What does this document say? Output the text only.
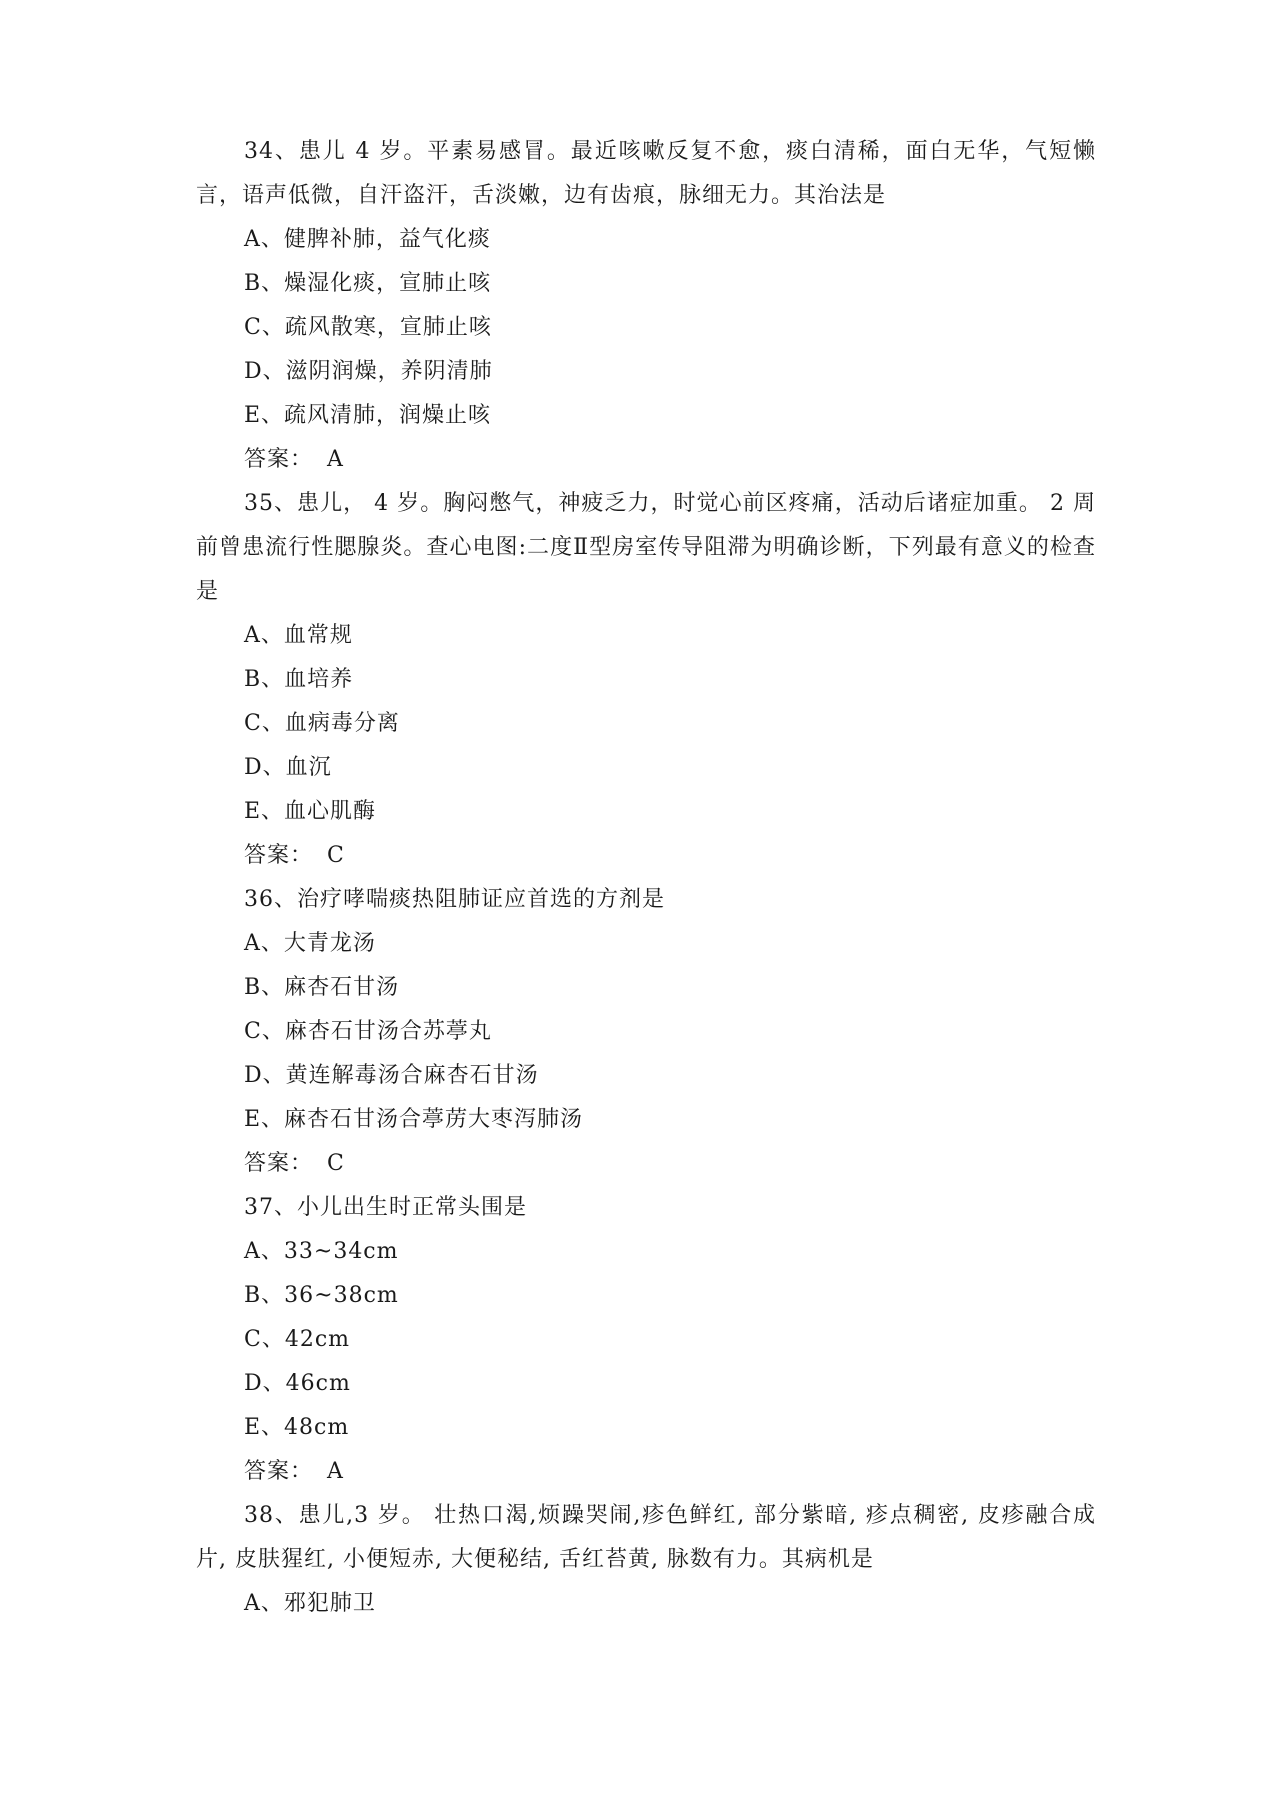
34、患儿 4 岁。平素易感冒。最近咳嗽反复不愈，痰白清稀，面白无华，气短懒言，语声低微，自汗盗汗，舌淡嫩，边有齿痕，脉细无力。其治法是

A、健脾补肺，益气化痰

B、燥湿化痰，宣肺止咳

C、疏风散寒，宣肺止咳

D、滋阴润燥，养阴清肺

E、疏风清肺，润燥止咳

答案： A

35、患儿， 4 岁。胸闷憋气，神疲乏力，时觉心前区疼痛，活动后诸症加重。 2 周前曾患流行性腮腺炎。查心电图:二度Ⅱ型房室传导阻滞为明确诊断，下列最有意义的检查是

A、血常规

B、血培养

C、血病毒分离

D、血沉

E、血心肌酶

答案： C

36、治疗哮喘痰热阻肺证应首选的方剂是

A、大青龙汤

B、麻杏石甘汤

C、麻杏石甘汤合苏葶丸

D、黄连解毒汤合麻杏石甘汤

E、麻杏石甘汤合葶苈大枣泻肺汤

答案： C

37、小儿出生时正常头围是

A、33~34cm

B、36~38cm

C、42cm

D、46cm

E、48cm

答案： A

38、患儿,3 岁。 壮热口渴,烦躁哭闹,疹色鲜红, 部分紫暗, 疹点稠密, 皮疹融合成片, 皮肤猩红, 小便短赤, 大便秘结, 舌红苔黄, 脉数有力。其病机是

A、邪犯肺卫
